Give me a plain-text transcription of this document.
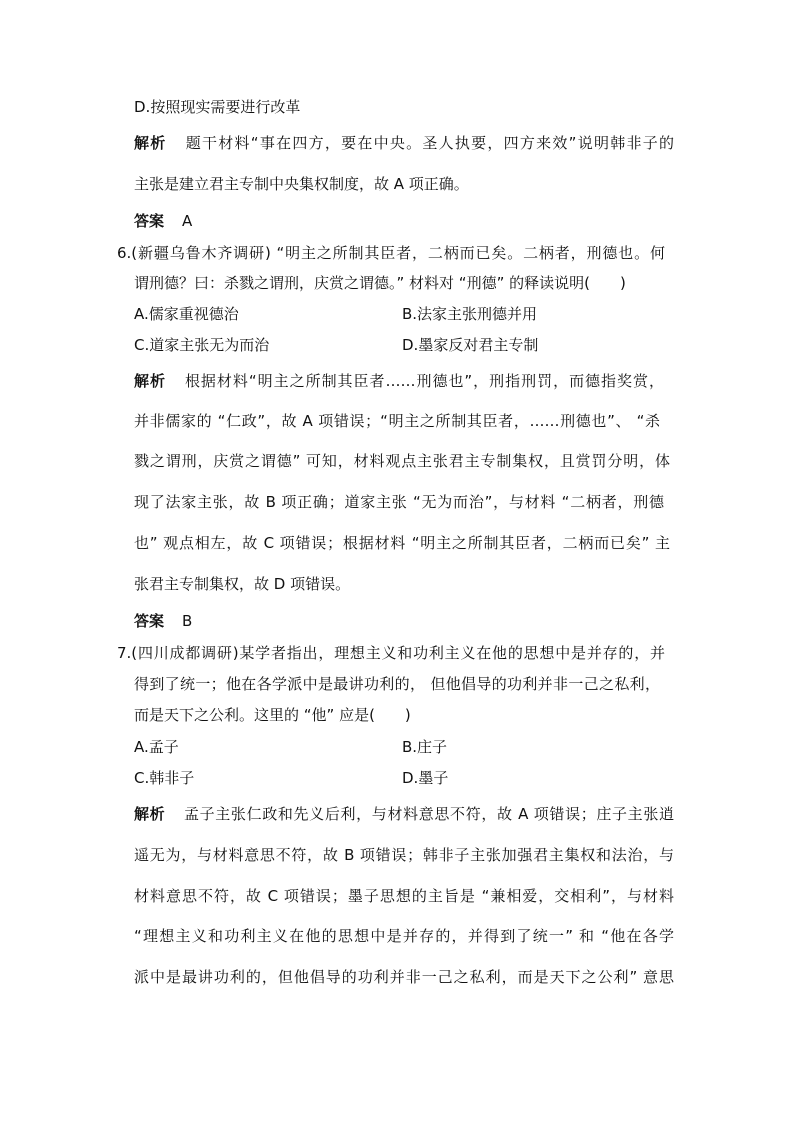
D.按照现实需要进行改革
解析 题干材料“事在四方，要在中央。圣人执要，四方来效”说明韩非子的
主张是建立君主专制中央集权制度，故 A 项正确。
答案 A
6.(新疆乌鲁木齐调研) “明主之所制其臣者，二柄而已矣。二柄者，刑德也。何
谓刑德？曰：杀戮之谓刑，庆赏之谓德。” 材料对 “刑德” 的释读说明(　　)
A.儒家重视德治	B.法家主张刑德并用
C.道家主张无为而治	D.墨家反对君主专制
解析 根据材料“明主之所制其臣者……刑德也”，刑指刑罚，而德指奖赏，
并非儒家的 “仁政”，故 A 项错误；“明主之所制其臣者，……刑德也”、 “杀
戮之谓刑，庆赏之谓德” 可知，材料观点主张君主专制集权，且赏罚分明，体
现了法家主张，故 B 项正确；道家主张 “无为而治”，与材料 “二柄者，刑德
也” 观点相左，故 C 项错误；根据材料 “明主之所制其臣者，二柄而已矣” 主
张君主专制集权，故 D 项错误。
答案 B
7.(四川成都调研)某学者指出，理想主义和功利主义在他的思想中是并存的，并
得到了统一；他在各学派中是最讲功利的， 但他倡导的功利并非一己之私利，
而是天下之公利。这里的 “他” 应是(　　)
A.孟子	B.庄子
C.韩非子	D.墨子
解析 孟子主张仁政和先义后利，与材料意思不符，故 A 项错误；庄子主张逍
遥无为，与材料意思不符，故 B 项错误；韩非子主张加强君主集权和法治，与
材料意思不符，故 C 项错误；墨子思想的主旨是 “兼相爱，交相利”，与材料
“理想主义和功利主义在他的思想中是并存的，并得到了统一” 和 “他在各学
派中是最讲功利的，但他倡导的功利并非一己之私利，而是天下之公利” 意思
